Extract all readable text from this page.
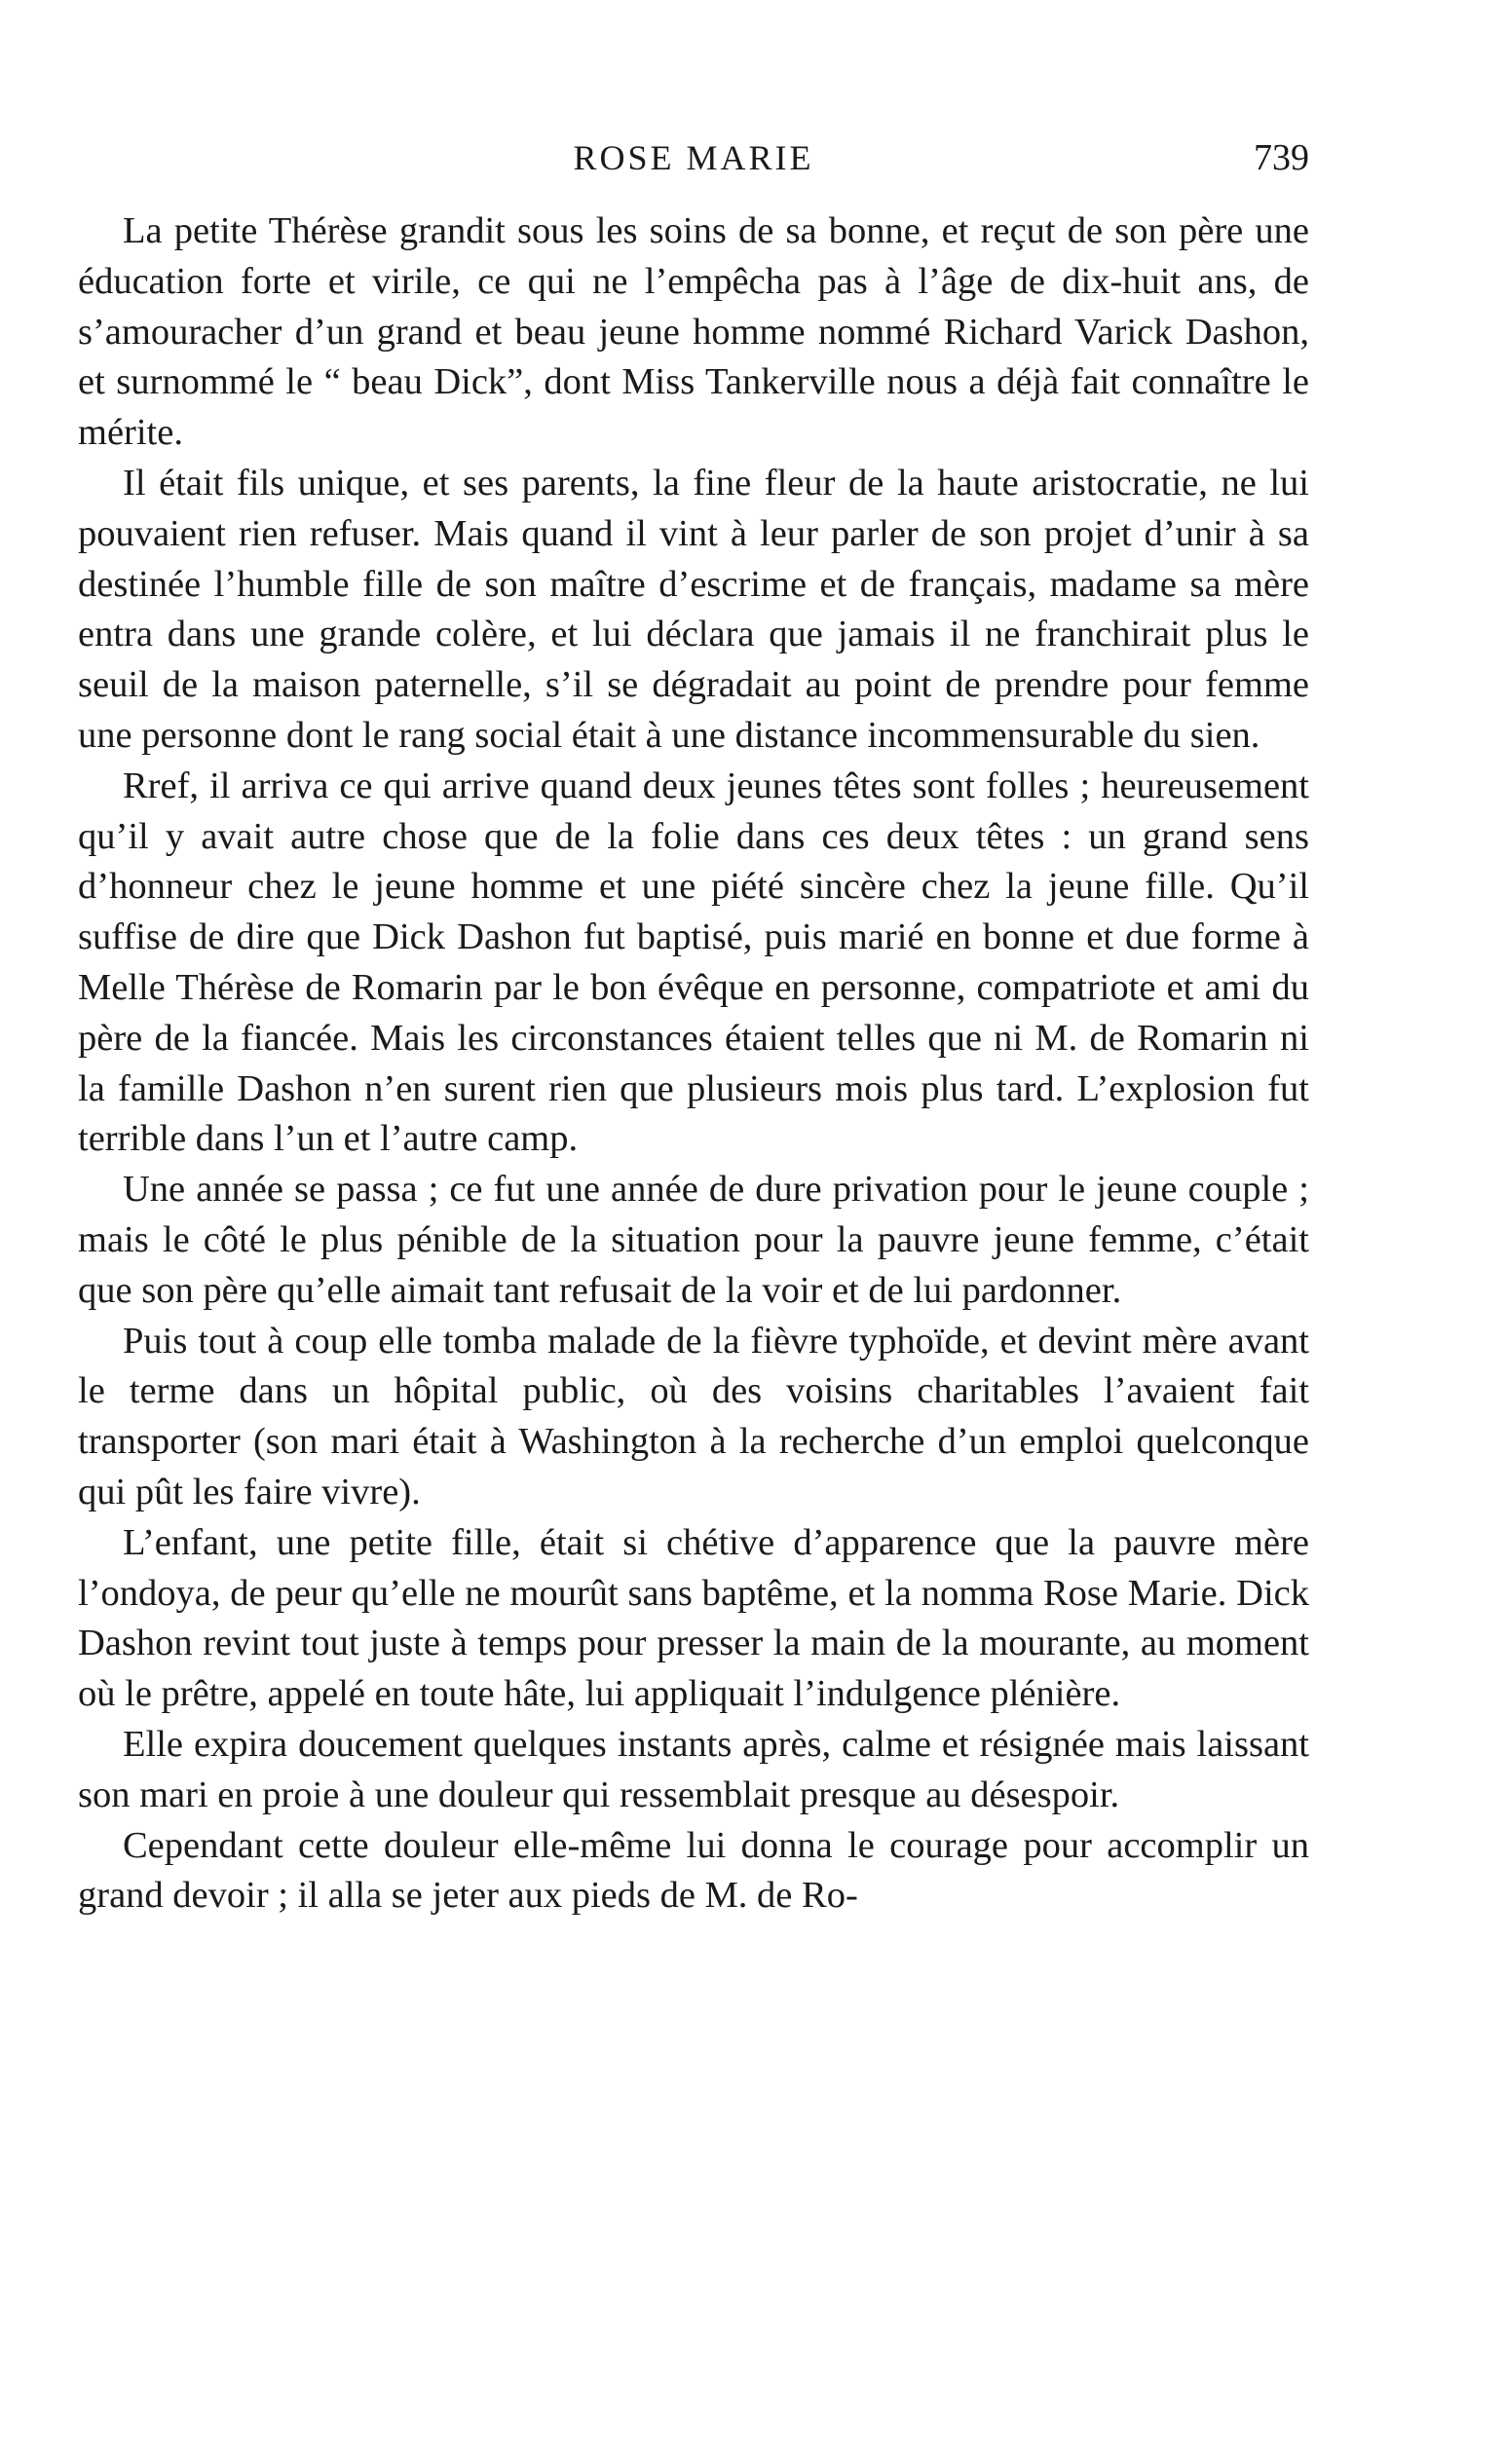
ROSE MARIE	739

La petite Thérèse grandit sous les soins de sa bonne, et reçut de son père une éducation forte et virile, ce qui ne l’empêcha pas à l’âge de dix-huit ans, de s’amouracher d’un grand et beau jeune homme nommé Richard Varick Dashon, et surnommé le “ beau Dick”, dont Miss Tankerville nous a déjà fait connaître le mérite.

Il était fils unique, et ses parents, la fine fleur de la haute aristocratie, ne lui pouvaient rien refuser. Mais quand il vint à leur parler de son projet d’unir à sa destinée l’humble fille de son maître d’escrime et de français, madame sa mère entra dans une grande colère, et lui déclara que jamais il ne franchirait plus le seuil de la maison paternelle, s’il se dégradait au point de prendre pour femme une personne dont le rang social était à une distance incommensurable du sien.

Rref, il arriva ce qui arrive quand deux jeunes têtes sont folles ; heureusement qu’il y avait autre chose que de la folie dans ces deux têtes : un grand sens d’honneur chez le jeune homme et une piété sincère chez la jeune fille. Qu’il suffise de dire que Dick Dashon fut baptisé, puis marié en bonne et due forme à Melle Thérèse de Romarin par le bon évêque en personne, compatriote et ami du père de la fiancée. Mais les circonstances étaient telles que ni M. de Romarin ni la famille Dashon n’en surent rien que plusieurs mois plus tard. L’explosion fut terrible dans l’un et l’autre camp.

Une année se passa ; ce fut une année de dure privation pour le jeune couple ; mais le côté le plus pénible de la situation pour la pauvre jeune femme, c’était que son père qu’elle aimait tant refusait de la voir et de lui pardonner.

Puis tout à coup elle tomba malade de la fièvre typhoïde, et devint mère avant le terme dans un hôpital public, où des voisins charitables l’avaient fait transporter (son mari était à Washington à la recherche d’un emploi quelconque qui pût les faire vivre).

L’enfant, une petite fille, était si chétive d’apparence que la pauvre mère l’ondoya, de peur qu’elle ne mourût sans baptême, et la nomma Rose Marie. Dick Dashon revint tout juste à temps pour presser la main de la mourante, au moment où le prêtre, appelé en toute hâte, lui appliquait l’indulgence plénière.

Elle expira doucement quelques instants après, calme et résignée mais laissant son mari en proie à une douleur qui ressemblait presque au désespoir.

Cependant cette douleur elle-même lui donna le courage pour accomplir un grand devoir ; il alla se jeter aux pieds de M. de Ro-
